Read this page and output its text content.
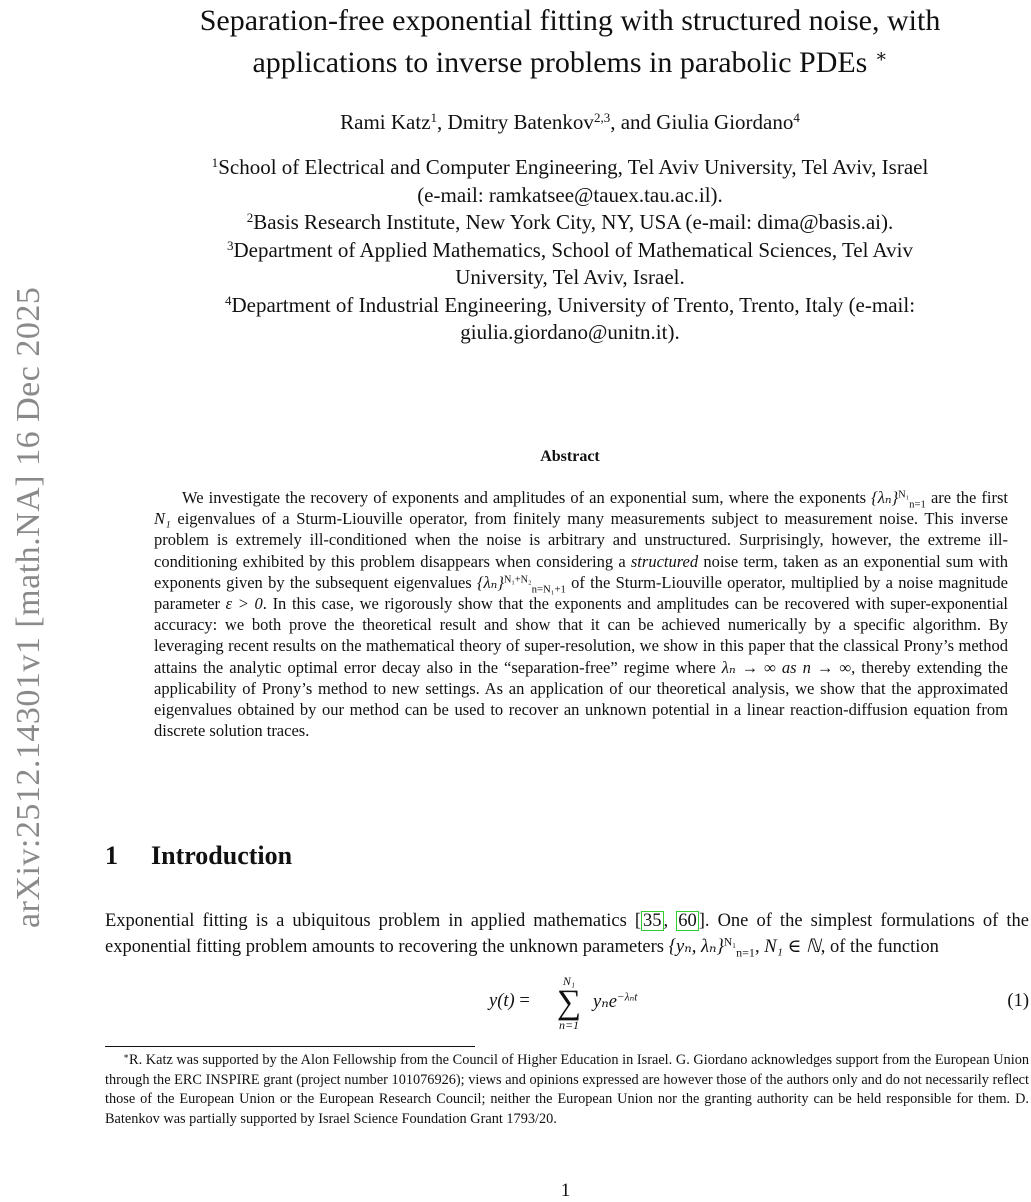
arXiv:2512.14301v1 [math.NA] 16 Dec 2025
Separation-free exponential fitting with structured noise, with
applications to inverse problems in parabolic PDEs ∗
Rami Katz$^1$, Dmitry Batenkov$^{2,3}$, and Giulia Giordano$^4$
$^1$School of Electrical and Computer Engineering, Tel Aviv University, Tel Aviv, Israel
(e-mail: ramkatsee@tauex.tau.ac.il).
$^2$Basis Research Institute, New York City, NY, USA (e-mail: dima@basis.ai).
$^3$Department of Applied Mathematics, School of Mathematical Sciences, Tel Aviv
University, Tel Aviv, Israel.
$^4$Department of Industrial Engineering, University of Trento, Trento, Italy (e-mail:
giulia.giordano@unitn.it).
Abstract
We investigate the recovery of exponents and amplitudes of an exponential sum, where the exponents $\{\lambda_n\}^{N_1}_{n=1}$ are the first N₁ eigenvalues of a Sturm-Liouville operator, from finitely many measurements subject to measurement noise. This inverse problem is extremely ill-conditioned when the noise is arbitrary and unstructured. Surprisingly, however, the extreme ill-conditioning exhibited by this problem disappears when considering a structured noise term, taken as an exponential sum with exponents given by the subsequent eigenvalues $\{\lambda_n\}^{N_1+N_2}_{n=N_1+1}$ of the Sturm-Liouville operator, multiplied by a noise magnitude parameter ε > 0. In this case, we rigorously show that the exponents and amplitudes can be recovered with super-exponential accuracy: we both prove the theoretical result and show that it can be achieved numerically by a specific algorithm. By leveraging recent results on the mathematical theory of super-resolution, we show in this paper that the classical Prony’s method attains the analytic optimal error decay also in the “separation-free” regime where λₙ → ∞ as n → ∞, thereby extending the applicability of Prony’s method to new settings. As an application of our theoretical analysis, we show that the approximated eigenvalues obtained by our method can be used to recover an unknown potential in a linear reaction-diffusion equation from discrete solution traces.
1 Introduction
Exponential fitting is a ubiquitous problem in applied mathematics [ 35 , 60 ]. One of the simplest formulations of the exponential fitting problem amounts to recovering the unknown parameters {yₙ, λₙ}$^{N_1}_{n=1}$, N₁ ∈ ℕ, of the function
y(t) =
N₁
∑
n=1
yₙe$^{-\lambda_nt}$	(1)
∗R. Katz was supported by the Alon Fellowship from the Council of Higher Education in Israel. G. Giordano acknowledges support from the European Union through the ERC INSPIRE grant (project number 101076926); views and opinions expressed are however those of the authors only and do not necessarily reflect those of the European Union or the European Research Council; neither the European Union nor the granting authority can be held responsible for them. D. Batenkov was partially supported by Israel Science Foundation Grant 1793/20.
1
